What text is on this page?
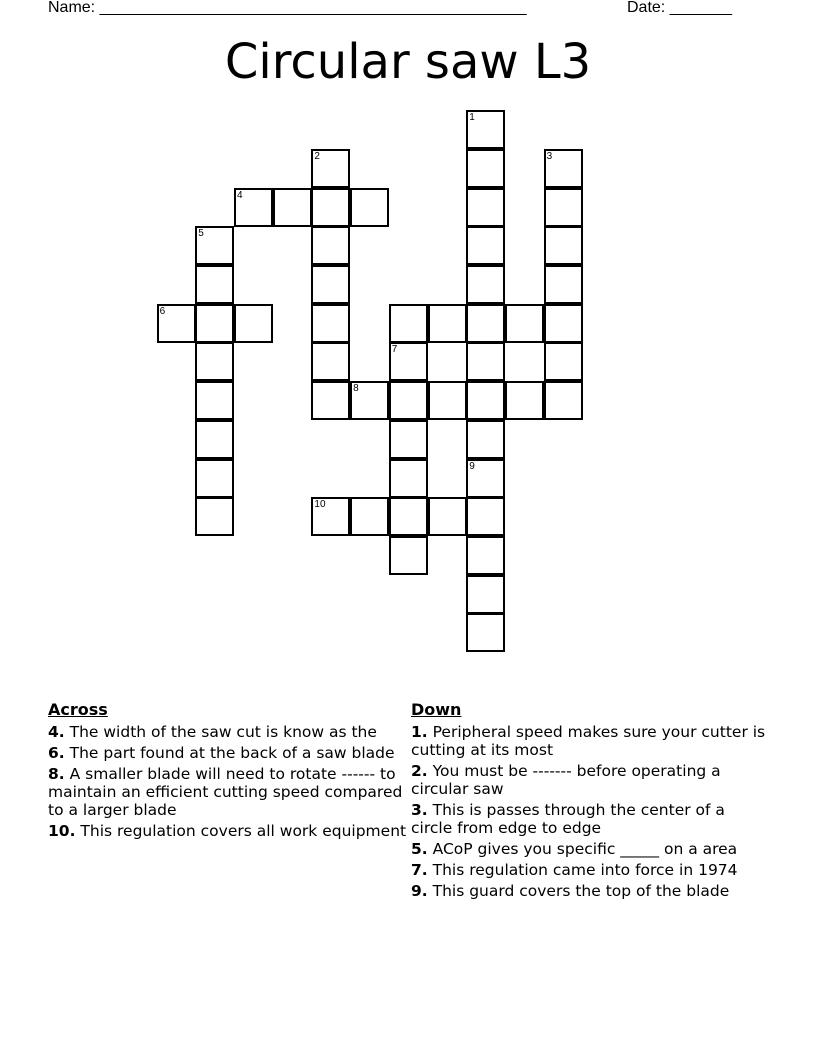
Name: ________________________________________________	Date: _______
Circular saw L3
1
2	3
4
5
6
7
8
9
10
Across
4. The width of the saw cut is know as the
6. The part found at the back of a saw blade
8. A smaller blade will need to rotate ------ to maintain an efficient cutting speed compared to a larger blade
10. This regulation covers all work equipment
Down
1. Peripheral speed makes sure your cutter is cutting at its most
2. You must be ------- before operating a circular saw
3. This is passes through the center of a circle from edge to edge
5. ACoP gives you specific _____ on a area
7. This regulation came into force in 1974
9. This guard covers the top of the blade
